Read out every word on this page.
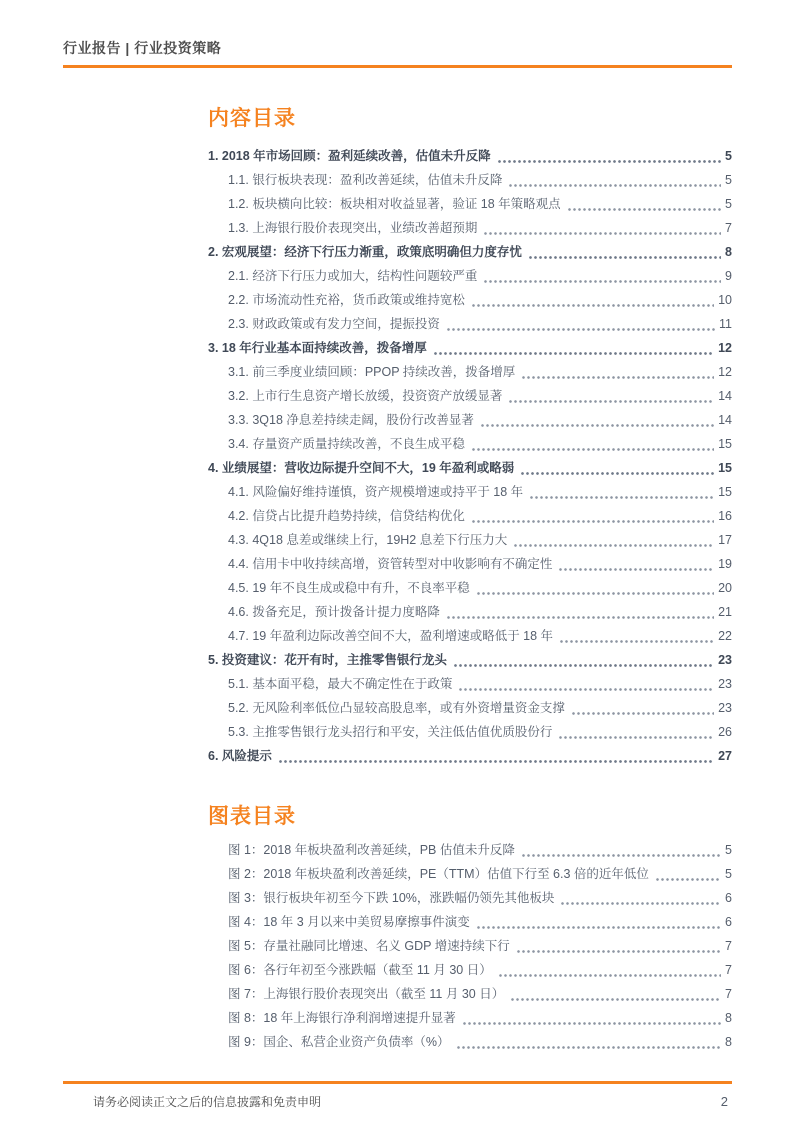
行业报告 | 行业投资策略
内容目录
1. 2018 年市场回顾：盈利延续改善，估值未升反降	5
1.1. 银行板块表现：盈利改善延续，估值未升反降	5
1.2. 板块横向比较：板块相对收益显著，验证 18 年策略观点	5
1.3. 上海银行股价表现突出，业绩改善超预期	7
2. 宏观展望：经济下行压力渐重，政策底明确但力度存忧	8
2.1. 经济下行压力或加大，结构性问题较严重	9
2.2. 市场流动性充裕，货币政策或维持宽松	10
2.3. 财政政策或有发力空间，提振投资	11
3. 18 年行业基本面持续改善，拨备增厚	12
3.1. 前三季度业绩回顾：PPOP 持续改善，拨备增厚	12
3.2. 上市行生息资产增长放缓，投资资产放缓显著	14
3.3. 3Q18 净息差持续走阔，股份行改善显著	14
3.4. 存量资产质量持续改善，不良生成平稳	15
4. 业绩展望：营收边际提升空间不大，19 年盈利或略弱	15
4.1. 风险偏好维持谨慎，资产规模增速或持平于 18 年	15
4.2. 信贷占比提升趋势持续，信贷结构优化	16
4.3. 4Q18 息差或继续上行，19H2 息差下行压力大	17
4.4. 信用卡中收持续高增，资管转型对中收影响有不确定性	19
4.5. 19 年不良生成或稳中有升，不良率平稳	20
4.6. 拨备充足，预计拨备计提力度略降	21
4.7. 19 年盈利边际改善空间不大，盈利增速或略低于 18 年	22
5. 投资建议：花开有时，主推零售银行龙头	23
5.1. 基本面平稳，最大不确定性在于政策	23
5.2. 无风险利率低位凸显较高股息率，或有外资增量资金支撑	23
5.3. 主推零售银行龙头招行和平安，关注低估值优质股份行	26
6. 风险提示	27
图表目录
图 1：2018 年板块盈利改善延续，PB 估值未升反降	5
图 2：2018 年板块盈利改善延续，PE（TTM）估值下行至 6.3 倍的近年低位	5
图 3：银行板块年初至今下跌 10%，涨跌幅仍领先其他板块	6
图 4：18 年 3 月以来中美贸易摩擦事件演变	6
图 5：存量社融同比增速、名义 GDP 增速持续下行	7
图 6：各行年初至今涨跌幅（截至 11 月 30 日）	7
图 7：上海银行股价表现突出（截至 11 月 30 日）	7
图 8：18 年上海银行净利润增速提升显著	8
图 9：国企、私营企业资产负债率（%）	8
请务必阅读正文之后的信息披露和免责申明	2
